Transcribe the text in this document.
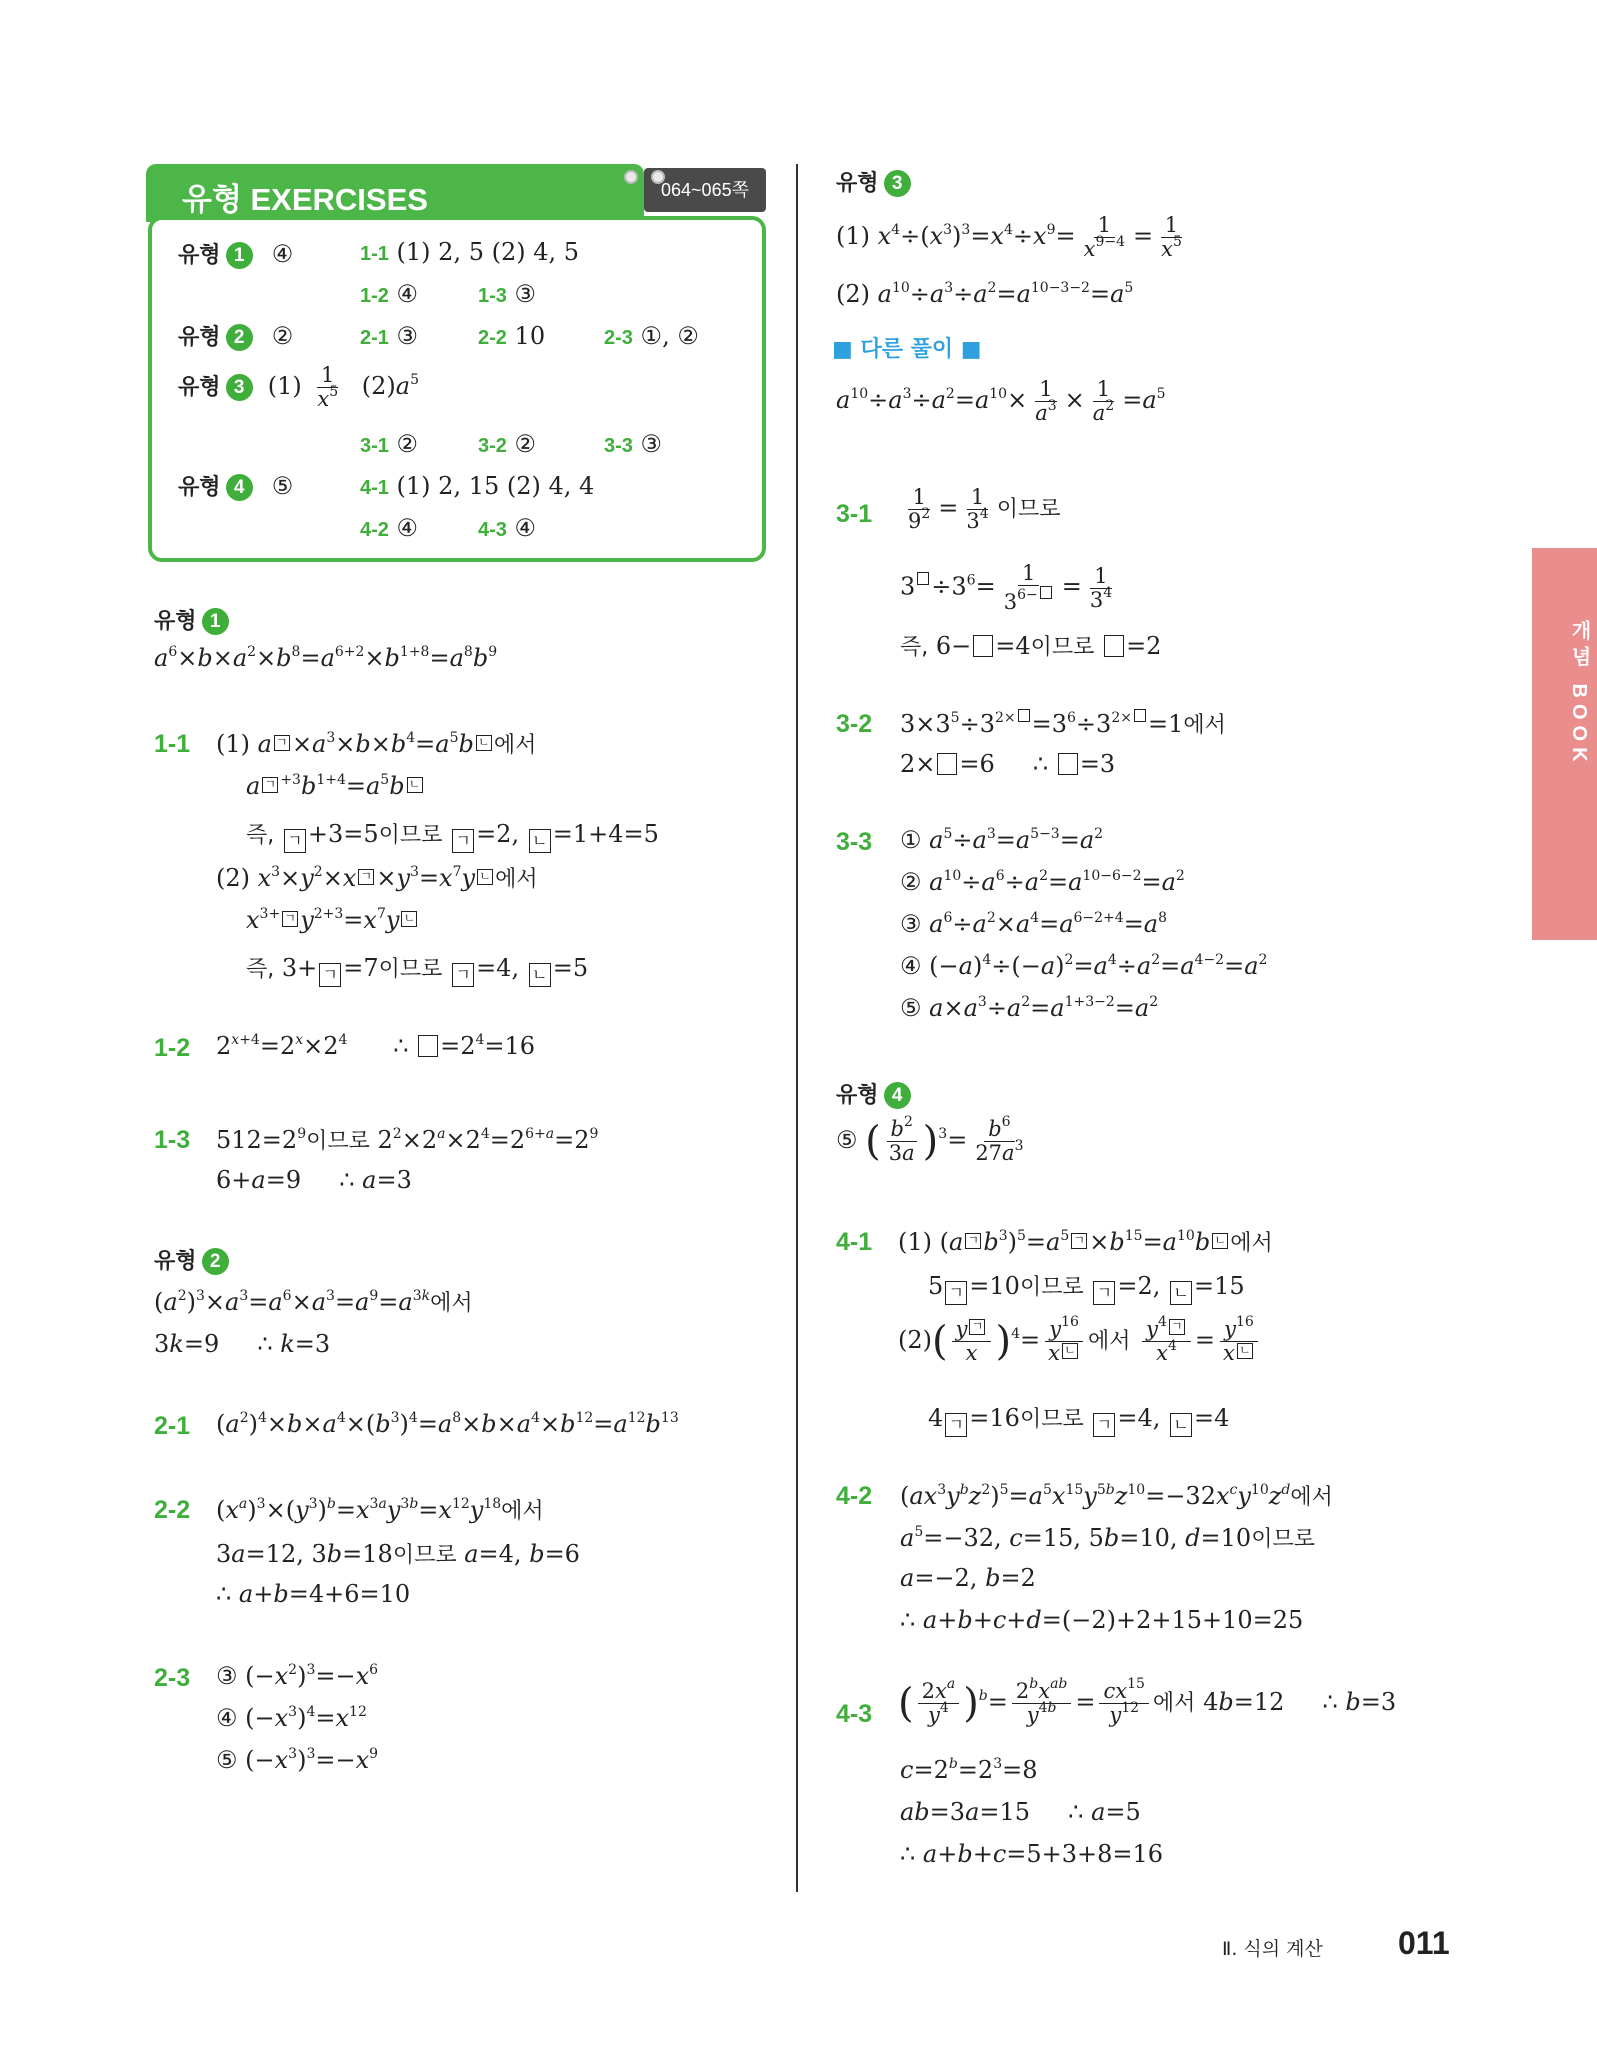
유형 EXERCISES	064~065쪽
유형 1 ④
유형 2 ②
유형 3 $(1) \frac{1}{x^5} (2)a^5$
유형 4 ⑤
1-1 (1) 2, 5 (2) 4, 5
1-2 ④	1-3 ③
2-1 ③	2-2 10	2-3 ①, ②
3-1 ②	3-2 ②	3-3 ③
4-1 (1) 2, 15 (2) 4, 4
4-2 ④	4-3 ④
유형 1
$a^6\times b\times a^2\times b^8=a^{6+2}\times b^{1+8}=a^8b^9$
1-1 (1) a $^ㄱ \times a^3\times b\times b^4=a^5b$ $^ㄴ$ 에서
a $^{ㄱ +3}b^{1+4}=a^5b$ $^ㄴ$
즉, ㄱ +3=5이므로 ㄱ =2, ㄴ =1+4=5
(2) $x^3\times y^2\times x$ $^ㄱ \times y^3=x^7y$ $^ㄴ$ 에서
$x^{3+ ㄱ}$ $y^{2+3}=x^7y$ $^ㄴ$
즉, 3+ ㄱ =7이므로 ㄱ =4, ㄴ =5
1-2 $2^{x+4}=2^x\times 2^4$      ∴ $=2^4=16$
1-3 $512=2^9$이므로 $2^2\times 2^a\times 2^4=2^{6+a}=2^9$
6+a=9     ∴ a=3
유형 2
$(a^2)^3\times a^3=a^6\times a^3=a^9=a^{3k}$에서
3k=9     ∴ k=3
2-1 $(a^2)^4\times b\times a^4\times(b^3)^4=a^8\times b\times a^4\times b^{12}=a^{12}b^{13}$
2-2 $(x^a)^3\times(y^3)^b=x^{3a}y^{3b}=x^{12}y^{18}$에서
3a=12, 3b=18이므로 a=4, b=6
∴ a+b=4+6=10
2-3 ③ $(-x^2)^3=-x^6$
④ $(-x^3)^4=x^{12}$
⑤ $(-x^3)^3=-x^9$
유형 3
(1) $x^4\div(x^3)^3=x^4\div x^9= \frac{1}{x^{9-4}} = \frac{1}{x^5}$
(2) $a^{10}\div a^3\div a^2=a^{10-3-2}=a^5$
■ 다른 풀이 ■
$a^{10}\div a^3\div a^2=a^{10}\times \frac{1}{a^3} \times \frac{1}{a^2} =a^5$
$3-1 \frac{1}{9^2} = \frac{1}{3^4}$ 이므로
$3 \div 3^6= \frac{1}{3^{6-}} = \frac{1}{3^4}$
즉, 6− =4이므로 =2
3-2 $3\times 3^5\div 3^{2\times} =3^6\div 3^{2\times} =1$에서
2× =6     ∴ =3
3-3 ① $a^5\div a^3=a^{5-3}=a^2$
② $a^{10}\div a^6\div a^2=a^{10-6-2}=a^2$
③ $a^6\div a^2\times a^4=a^{6-2+4}=a^8$
④ $(-a)^4\div(-a)^2=a^4\div a^2=a^{4-2}=a^2$
⑤ $a\times a^3\div a^2=a^{1+3-2}=a^2$
유형 4
⑤ ( $\frac{b^2}{3a} )^3= \frac{b^6}{27a^3}$
4-1 (1) (a $^ㄱ$ $b^3)^5=a^{5 ㄱ} \times b^{15}=a^{10}b$ $^ㄴ$ 에서
5 ㄱ =10이므로 ㄱ =2, ㄴ =15
$(2)( \frac{y ^ㄱ}{x} )^4= \frac{y^{16}}{x ^ㄴ}$ 에서 $\frac{y^{4 ㄱ}}{x^4} = \frac{y^{16}}{x ^ㄴ}$
4 ㄱ =16이므로 ㄱ =4, ㄴ =4
4-2 $(ax^3y^bz^2)^5=a^5x^{15}y^{5b}z^{10}=-32x^cy^{10}z^d$에서
$a^5=-32$, c=15, 5b=10, d=10이므로
a=−2, b=2
∴ a+b+c+d=(−2)+2+15+10=25
4-3 ( $\frac{2x^a}{y^4} )^b= \frac{2^bx^{ab}}{y^{4b}} = \frac{cx^{15}}{y^{12}}$ 에서 4b=12     ∴ b=3
$c=2^b=2^3=8$
ab=3a=15     ∴ a=5
∴ a+b+c=5+3+8=16
개념 BOOK
Ⅱ. 식의 계산 011
